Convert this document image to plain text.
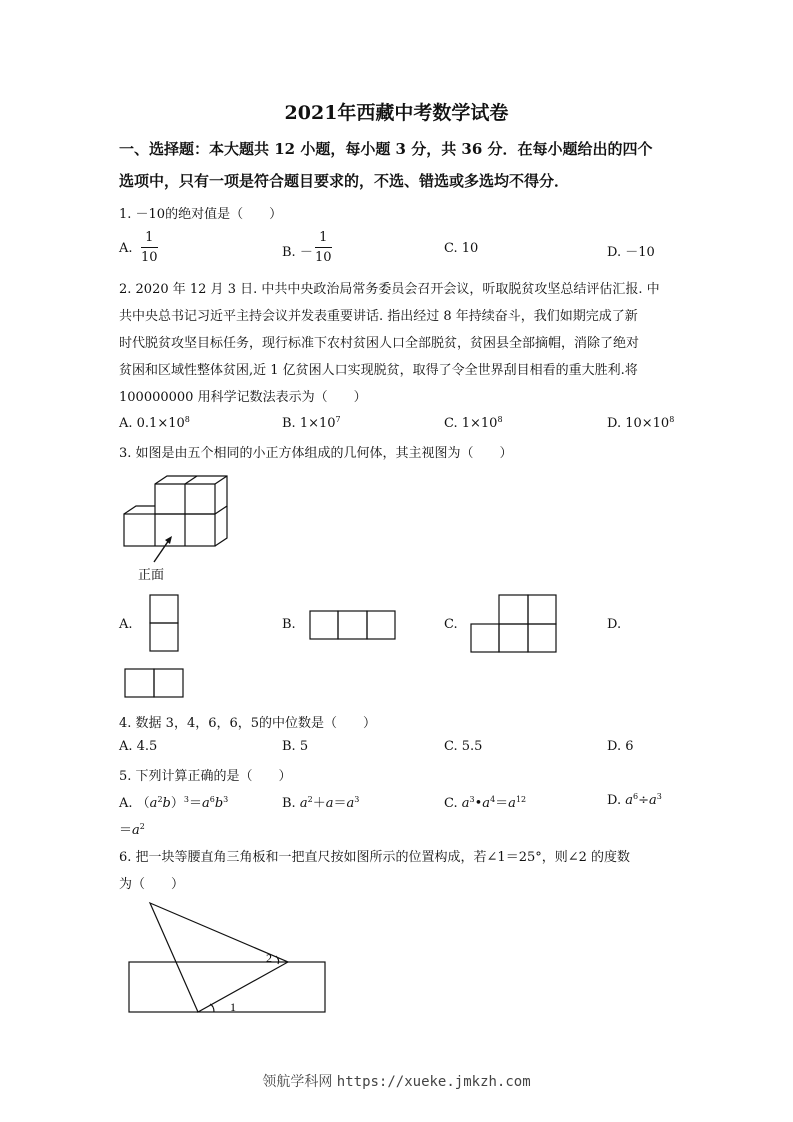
2021年西藏中考数学试卷
一、选择题：本大题共 12 小题，每小题 3 分，共 36 分．在每小题给出的四个
选项中，只有一项是符合题目要求的，不选、错选或多选均不得分．
1. －10的绝对值是（　　）
A. $\frac{1}{10}$	B. － $\frac{1}{10}$	C. 10	D. －10
2. 2020 年 12 月 3 日. 中共中央政治局常务委员会召开会议，听取脱贫攻坚总结评估汇报. 中
共中央总书记习近平主持会议并发表重要讲话. 指出经过 8 年持续奋斗，我们如期完成了新
时代脱贫攻坚目标任务，现行标准下农村贫困人口全部脱贫，贫困县全部摘帽，消除了绝对
贫困和区域性整体贫困,近 1 亿贫困人口实现脱贫，取得了令全世界刮目相看的重大胜利.将
100000000 用科学记数法表示为（　　）
A. $0.1\times 10^8$	B. $1\times 10^7$	C. $1\times 10^8$	D. $10\times 10^8$
3. 如图是由五个相同的小正方体组成的几何体，其主视图为（　　）
正面
A.	B.	C.	D.
4. 数据 3，4，6，6，5的中位数是（　　）
A. 4.5	B. 5	C. 5.5	D. 6
5. 下列计算正确的是（　　）
A. $(a^2b)^3=a^6b^3$	B. $a^2+a=a^3$	C. $a^3•a^4=a^{12}$	D. $a^6\div a^3$
$=a^2$
6. 把一块等腰直角三角板和一把直尺按如图所示的位置构成，若∠1＝25°，则∠2 的度数
为（　　）
2
1
领航学科网 https://xueke.jmkzh.com
